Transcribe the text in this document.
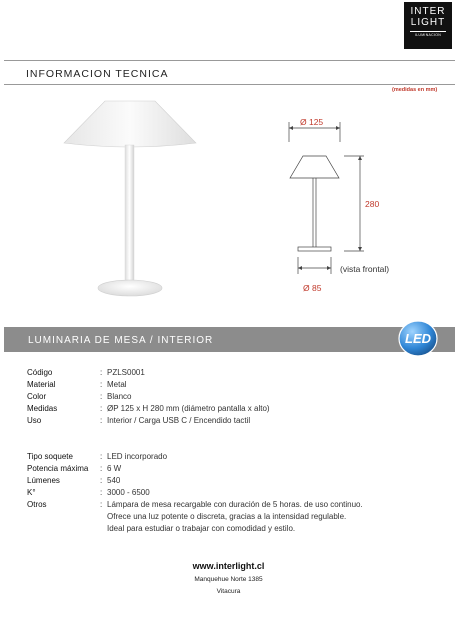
INTER
LIGHT
ILUMINACION
INFORMACION TECNICA
(medidas en mm)
Ø 125
280
Ø 85
(vista frontal)
LUMINARIA DE MESA / INTERIOR	LED
Código	: PZLS0001
Material	: Metal
Color	: Blanco
Medidas	: ØP 125 x H 280 mm (diámetro pantalla x alto)
Uso	: Interior / Carga USB C / Encendido tactil
Tipo soquete	: LED incorporado
Potencia máxima	: 6 W
Lúmenes	: 540
K°	: 3000 - 6500
Otros	: Lámpara de mesa recargable con duración de 5 horas. de uso continuo.
Ofrece una luz potente o discreta, gracias a la intensidad regulable.
Ideal para estudiar o trabajar con comodidad y estilo.
www.interlight.cl
Manquehue Norte 1385
Vitacura
